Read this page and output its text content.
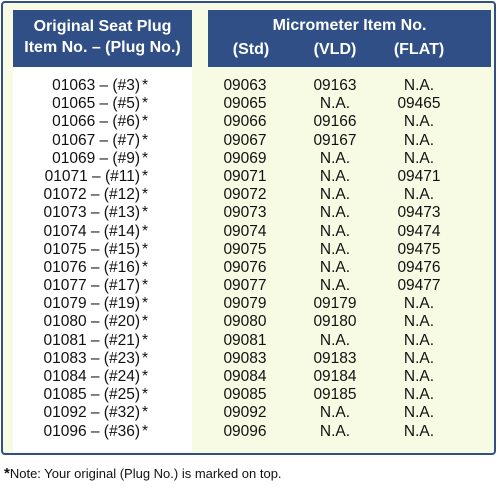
Original Seat Plug
Item No. – (Plug No.)
Micrometer Item No.
(Std)	(VLD)	(FLAT)
01063 – (#3) *	09063	09163	N.A.
01065 – (#5) *	09065	N.A.	09465
01066 – (#6) *	09066	09166	N.A.
01067 – (#7) *	09067	09167	N.A.
01069 – (#9) *	09069	N.A.	N.A.
01071 – (#11) *	09071	N.A.	09471
01072 – (#12) *	09072	N.A.	N.A.
01073 – (#13) *	09073	N.A.	09473
01074 – (#14) *	09074	N.A.	09474
01075 – (#15) *	09075	N.A.	09475
01076 – (#16) *	09076	N.A.	09476
01077 – (#17) *	09077	N.A.	09477
01079 – (#19) *	09079	09179	N.A.
01080 – (#20) *	09080	09180	N.A.
01081 – (#21) *	09081	N.A.	N.A.
01083 – (#23) *	09083	09183	N.A.
01084 – (#24) *	09084	09184	N.A.
01085 – (#25) *	09085	09185	N.A.
01092 – (#32) *	09092	N.A.	N.A.
01096 – (#36) *	09096	N.A.	N.A.
*Note: Your original (Plug No.) is marked on top.
